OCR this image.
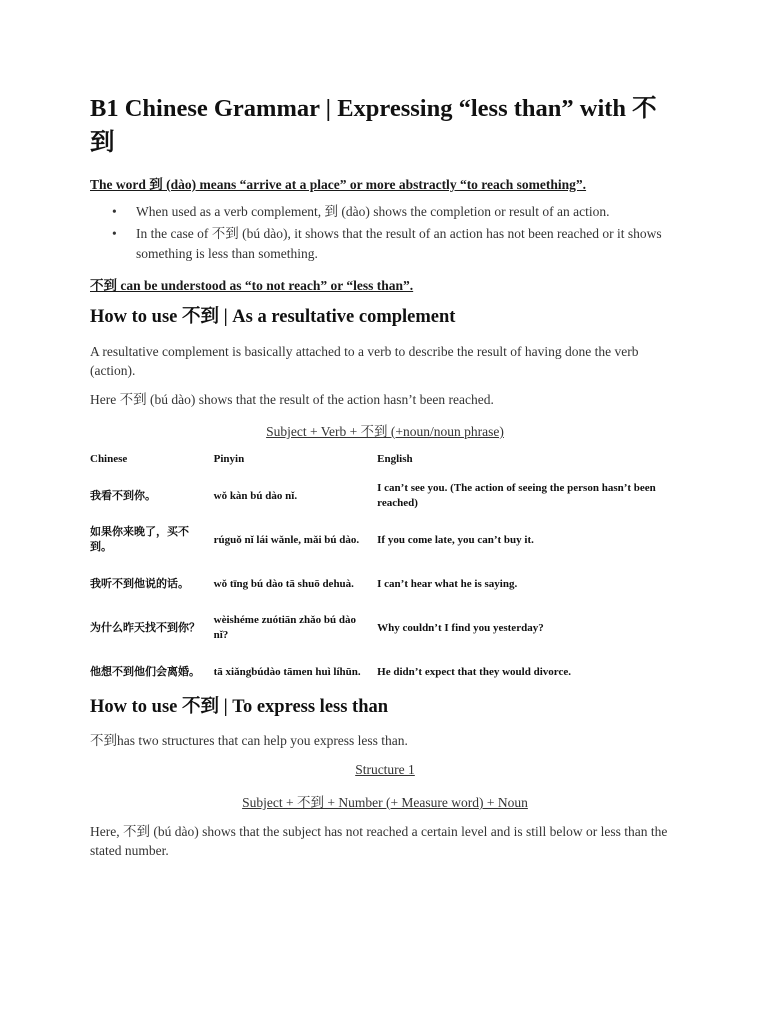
B1 Chinese Grammar | Expressing “less than” with 不到

The word 到 (dào) means “arrive at a place” or more abstractly “to reach something”.

• When used as a verb complement, 到 (dào) shows the completion or result of an action.
• In the case of 不到 (bú dào), it shows that the result of an action has not been reached or it shows something is less than something.

不到 can be understood as “to not reach” or “less than”.

How to use 不到 | As a resultative complement

A resultative complement is basically attached to a verb to describe the result of having done the verb (action).

Here 不到 (bú dào) shows that the result of the action hasn’t been reached.

Subject + Verb + 不到 (+noun/noun phrase)

Chinese	Pinyin	English
我看不到你。	wǒ kàn bú dào nǐ.	I can’t see you. (The action of seeing the person hasn’t been reached)
如果你来晚了，买不到。	rúguǒ nǐ lái wǎnle, mǎi bú dào.	If you come late, you can’t buy it.
我听不到他说的话。	wǒ tīng bú dào tā shuō dehuà.	I can’t hear what he is saying.
为什么昨天找不到你？	wèishéme zuótiān zhǎo bú dào nǐ?	Why couldn’t I find you yesterday?
他想不到他们会离婚。	tā xiǎngbúdào tāmen huì líhūn.	He didn’t expect that they would divorce.
How to use 不到 | To express less than

不到has two structures that can help you express less than.

Structure 1

Subject + 不到 + Number (+ Measure word) + Noun

Here, 不到 (bú dào) shows that the subject has not reached a certain level and is still below or less than the stated number.
